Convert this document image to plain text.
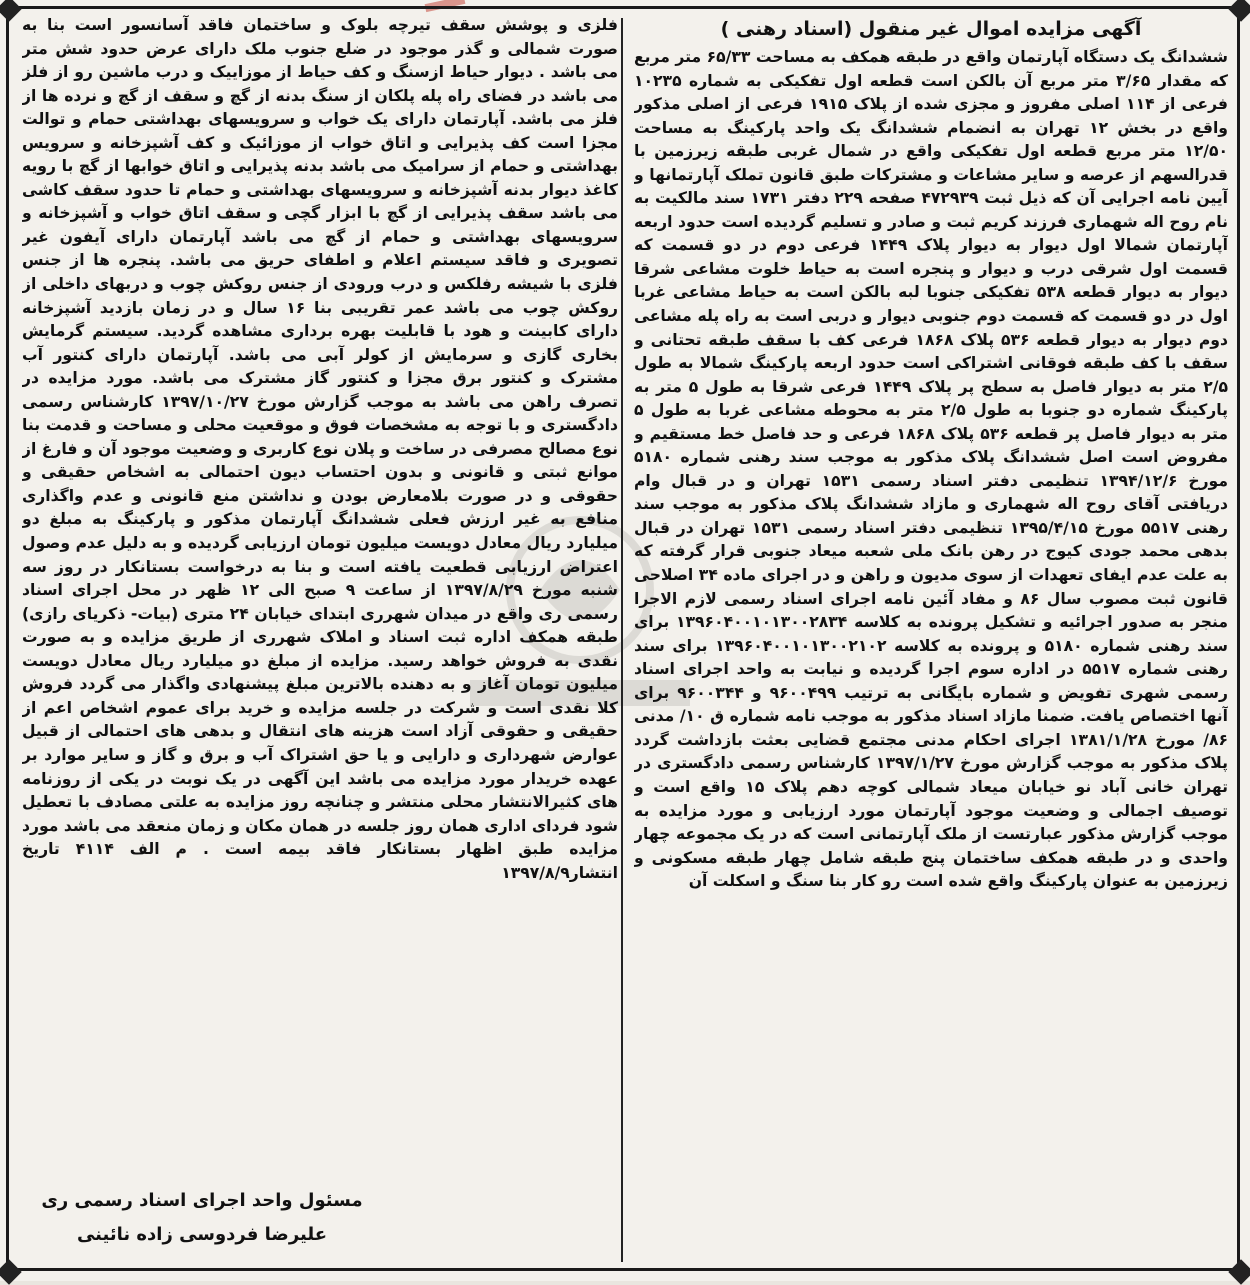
آگهی مزایده اموال غیر منقول (اسناد رهنی )

ششدانگ یک دستگاه آپارتمان واقع در طبقه همکف به مساحت ۶۵/۳۳ متر مربع که مقدار ۳/۶۵ متر مربع آن بالکن است قطعه اول تفکیکی به شماره ۱۰۲۳۵ فرعی از ۱۱۴ اصلی مفروز و مجزی شده از پلاک ۱۹۱۵ فرعی از اصلی مذکور واقع در بخش ۱۲ تهران به انضمام ششدانگ یک واحد پارکینگ به مساحت ۱۲/۵۰ متر مربع قطعه اول تفکیکی واقع در شمال غربی طبقه زیرزمین با قدرالسهم از عرصه و سایر مشاعات و مشترکات طبق قانون تملک آپارتمانها و آیین نامه اجرایی آن که ذیل ثبت ۴۷۲۹۳۹ صفحه ۲۲۹ دفتر ۱۷۳۱ سند مالکیت به نام روح اله شهماری فرزند کریم ثبت و صادر و تسلیم گردیده است حدود اربعه آپارتمان شمالا اول دیوار به دیوار پلاک ۱۴۴۹ فرعی دوم در دو قسمت که قسمت اول شرقی درب و دیوار و پنجره است به حیاط خلوت مشاعی شرقا دیوار به دیوار قطعه ۵۳۸ تفکیکی جنوبا لبه بالکن است به حیاط مشاعی غربا اول در دو قسمت که قسمت دوم جنوبی دیوار و دربی است به راه پله مشاعی دوم دیوار به دیوار قطعه ۵۳۶ پلاک ۱۸۶۸ فرعی کف با سقف طبقه تحتانی و سقف با کف طبقه فوقانی اشتراکی است حدود اربعه پارکینگ شمالا به طول ۲/۵ متر به دیوار فاصل به سطح پر پلاک ۱۴۴۹ فرعی شرقا به طول ۵ متر به پارکینگ شماره دو جنوبا به طول ۲/۵ متر به محوطه مشاعی غربا به طول ۵ متر به دیوار فاصل پر قطعه ۵۳۶ پلاک ۱۸۶۸ فرعی و حد فاصل خط مستقیم و مفروض است اصل ششدانگ پلاک مذکور به موجب سند رهنی شماره ۵۱۸۰ مورخ ۱۳۹۴/۱۲/۶ تنظیمی دفتر اسناد رسمی ۱۵۳۱ تهران و در قبال وام دریافتی آقای روح اله شهماری و مازاد ششدانگ پلاک مذکور به موجب سند رهنی ۵۵۱۷ مورخ ۱۳۹۵/۴/۱۵ تنظیمی دفتر اسناد رسمی ۱۵۳۱ تهران در قبال بدهی محمد جودی کیوج در رهن بانک ملی شعبه میعاد جنوبی قرار گرفته که به علت عدم ایفای تعهدات از سوی مدیون و راهن و در اجرای ماده ۳۴ اصلاحی قانون ثبت مصوب سال ۸۶ و مفاد آئین نامه اجرای اسناد رسمی لازم الاجرا منجر به صدور اجرائیه و تشکیل پرونده به کلاسه ۱۳۹۶۰۴۰۰۱۰۱۳۰۰۲۸۳۴ برای سند رهنی شماره ۵۱۸۰ و پرونده به کلاسه ۱۳۹۶۰۴۰۰۱۰۱۳۰۰۲۱۰۲ برای سند رهنی شماره ۵۵۱۷ در اداره سوم اجرا گردیده و نیابت به واحد اجرای اسناد رسمی شهری تفویض و شماره بایگانی به ترتیب ۹۶۰۰۴۹۹ و ۹۶۰۰۳۴۴ برای آنها اختصاص یافت. ضمنا مازاد اسناد مذکور به موجب نامه شماره ق ۱۰/ مدنی ۸۶/ مورخ ۱۳۸۱/۱/۲۸ اجرای احکام مدنی مجتمع قضایی بعثت بازداشت گردد پلاک مذکور به موجب گزارش مورخ ۱۳۹۷/۱/۲۷ کارشناس رسمی دادگستری در تهران خانی آباد نو خیابان میعاد شمالی کوچه دهم پلاک ۱۵ واقع است و توصیف اجمالی و وضعیت موجود آپارتمان مورد ارزیابی و مورد مزایده به موجب گزارش مذکور عبارتست از ملک آپارتمانی است که در یک مجموعه چهار واحدی و در طبقه همکف ساختمان پنج طبقه شامل چهار طبقه مسکونی و زیرزمین به عنوان پارکینگ واقع شده است رو کار بنا سنگ و اسکلت آن

فلزی و پوشش سقف تیرچه بلوک و ساختمان فاقد آسانسور است بنا به صورت شمالی و گذر موجود در ضلع جنوب ملک دارای عرض حدود شش متر می باشد . دیوار حیاط ازسنگ و کف حیاط از موزاییک و درب ماشین رو از فلز می باشد در فضای راه پله پلکان از سنگ بدنه از گچ و سقف از گچ و نرده ها از فلز می باشد. آپارتمان دارای یک خواب و سرویسهای بهداشتی حمام و توالت مجزا است کف پذیرایی و اتاق خواب از موزائیک و کف آشپزخانه و سرویس بهداشتی و حمام از سرامیک می باشد بدنه پذیرایی و اتاق خوابها از گچ با رویه کاغذ دیوار بدنه آشپزخانه و سرویسهای بهداشتی و حمام تا حدود سقف کاشی می باشد سقف پذیرایی از گچ با ابزار گچی و سقف اتاق خواب و آشپزخانه و سرویسهای بهداشتی و حمام از گچ می باشد آپارتمان دارای آیفون غیر تصویری و فاقد سیستم اعلام و اطفای حریق می باشد. پنجره ها از جنس فلزی با شیشه رفلکس و درب ورودی از جنس روکش چوب و دربهای داخلی از روکش چوب می باشد عمر تقریبی بنا ۱۶ سال و در زمان بازدید آشپزخانه دارای کابینت و هود با قابلیت بهره برداری مشاهده گردید. سیستم گرمایش بخاری گازی و سرمایش از کولر آبی می باشد. آپارتمان دارای کنتور آب مشترک و کنتور برق مجزا و کنتور گاز مشترک می باشد. مورد مزایده در تصرف راهن می باشد به موجب گزارش مورخ ۱۳۹۷/۱۰/۲۷ کارشناس رسمی دادگستری و با توجه به مشخصات فوق و موقعیت محلی و مساحت و قدمت بنا نوع مصالح مصرفی در ساخت و پلان نوع کاربری و وضعیت موجود آن و فارغ از موانع ثبتی و قانونی و بدون احتساب دیون احتمالی به اشخاص حقیقی و حقوقی و در صورت بلامعارض بودن و نداشتن منع قانونی و عدم واگذاری منافع به غیر ارزش فعلی ششدانگ آپارتمان مذکور و پارکینگ به مبلغ دو میلیارد ریال معادل دویست میلیون تومان ارزیابی گردیده و به دلیل عدم وصول اعتراض ارزیابی قطعیت یافته است و بنا به درخواست بستانکار در روز سه شنبه مورخ ۱۳۹۷/۸/۲۹ از ساعت ۹ صبح الی ۱۲ ظهر در محل اجرای اسناد رسمی ری واقع در میدان شهرری ابتدای خیابان ۲۴ متری (بیات- ذکریای رازی) طبقه همکف اداره ثبت اسناد و املاک شهرری از طریق مزایده و به صورت نقدی به فروش خواهد رسید. مزایده از مبلغ دو میلیارد ریال معادل دویست میلیون تومان آغاز و به دهنده بالاترین مبلغ پیشنهادی واگذار می گردد فروش کلا نقدی است و شرکت در جلسه مزایده و خرید برای عموم اشخاص اعم از حقیقی و حقوقی آزاد است هزینه های انتقال و بدهی های احتمالی از قبیل عوارض شهرداری و دارایی و یا حق اشتراک آب و برق و گاز و سایر موارد بر عهده خریدار مورد مزایده می باشد این آگهی در یک نوبت در یکی از روزنامه های کثیرالانتشار محلی منتشر و چنانچه روز مزایده به علتی مصادف با تعطیل شود فردای اداری همان روز جلسه در همان مکان و زمان منعقد می باشد مورد مزایده طبق اظهار بستانکار فاقد بیمه است . م الف ۴۱۱۴ تاریخ انتشار۱۳۹۷/۸/۹

مسئول واحد اجرای اسناد رسمی ری
علیرضا فردوسی زاده نائینی
